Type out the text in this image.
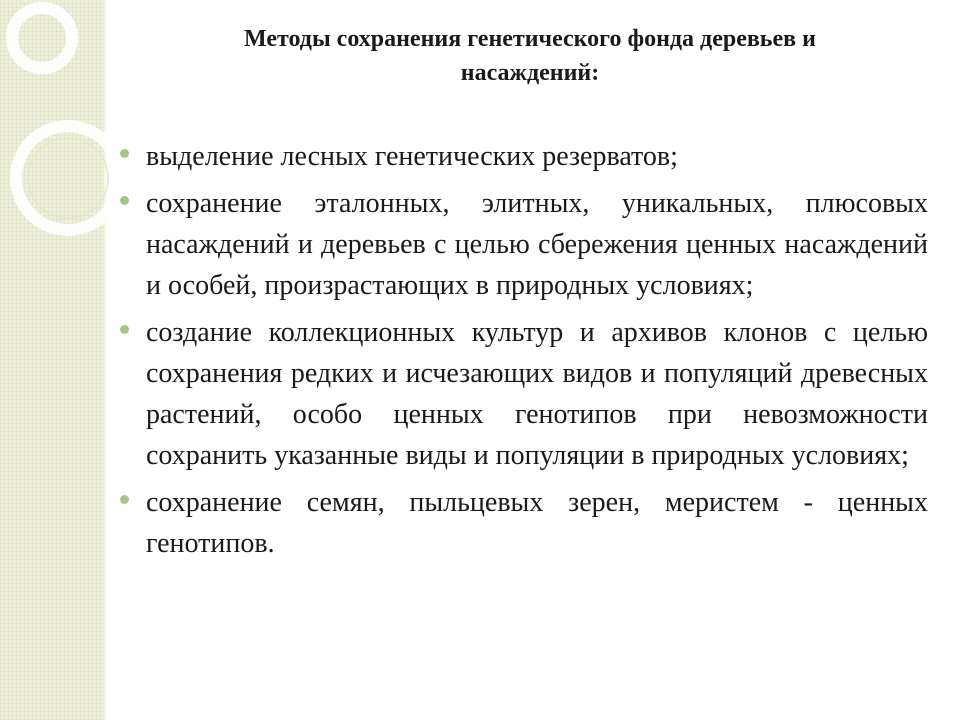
Методы сохранения генетического фонда деревьев и
насаждений:
выделение лесных генетических резерватов;
сохранение эталонных, элитных, уникальных, плюсовых насаждений и деревьев с целью сбережения ценных насаждений и особей, произрастающих в природных условиях;
создание коллекционных культур и архивов клонов с целью сохранения редких и исчезающих видов и популяций древесных растений, особо ценных генотипов при невозможности сохранить указанные виды и популяции в природных условиях;
сохранение семян, пыльцевых зерен, меристем - ценных генотипов.
